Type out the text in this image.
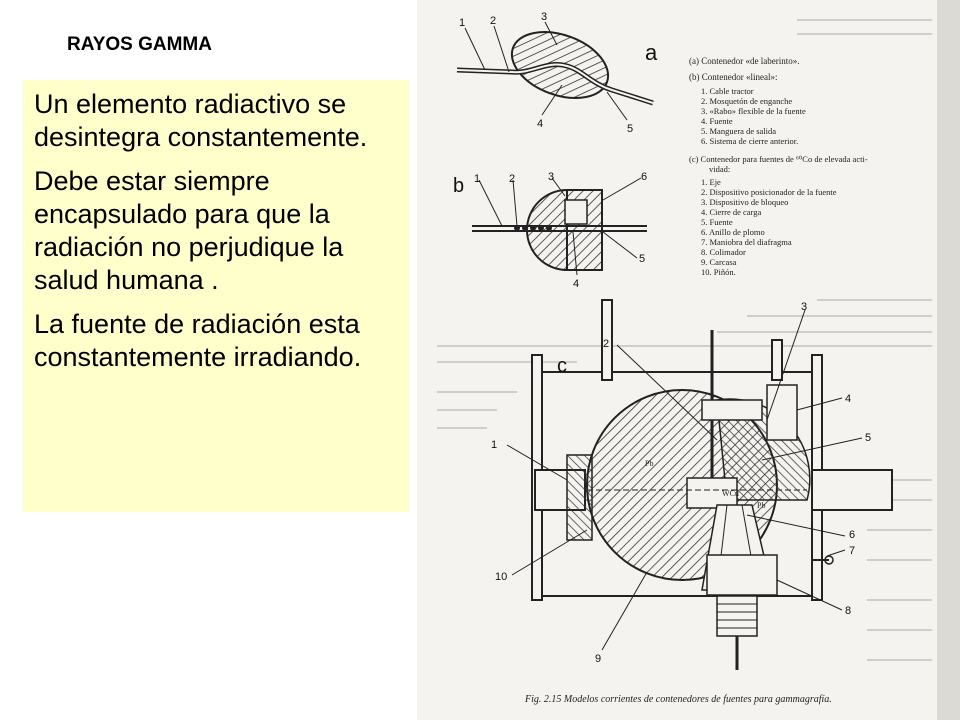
RAYOS GAMMA

Un elemento radiactivo se desintegra constantemente.

Debe estar siempre encapsulado para que la radiación no perjudique la salud humana .

La fuente de radiación esta constantemente irradiando.

1 2	3
4	5
a
1	2	3	6
4
5
b
(a) Contenedor «de laberinto».
(b) Contenedor «lineal»:
1. Cable tractor
2. Mosquetón de enganche
3. «Rabo» flexible de la fuente
4. Fuente
5. Manguera de salida
6. Sistema de cierre anterior.
(c) Contenedor para fuentes de ⁶⁰Co de elevada acti-
vidad:
1. Eje
2. Dispositivo posicionador de la fuente
3. Dispositivo de bloqueo
4. Cierre de carga
5. Fuente
6. Anillo de plomo
7. Maniobra del diafragma
8. Colimador
9. Carcasa
10. Piñón.
c
1
2
3
4
5
6
7
8
9
10
Pb
WCu
Pb
Fig. 2.15 Modelos corrientes de contenedores de fuentes para gammagrafía.
